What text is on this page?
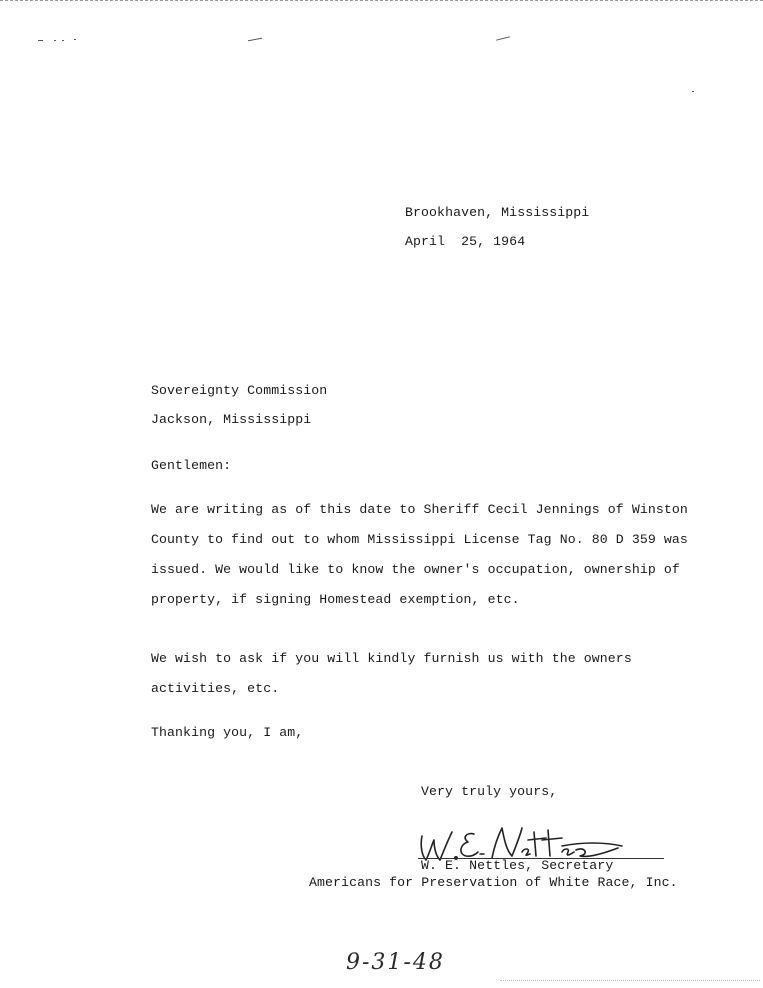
Brookhaven, Mississippi
April  25, 1964
Sovereignty Commission
Jackson, Mississippi
Gentlemen:
We are writing as of this date to Sheriff Cecil Jennings of Winston
County to find out to whom Mississippi License Tag No. 80 D 359 was
issued. We would like to know the owner's occupation, ownership of
property, if signing Homestead exemption, etc.
We wish to ask if you will kindly furnish us with the owners
activities, etc.
Thanking you, I am,
Very truly yours,
W. E. Nettles, Secretary
Americans for Preservation of White Race, Inc.
9-31-48
